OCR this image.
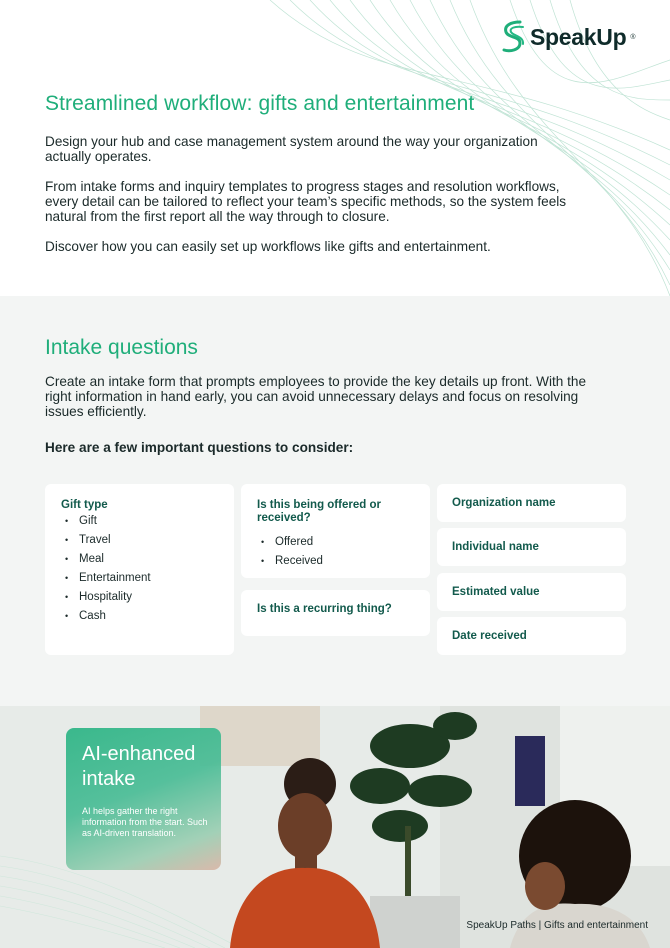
SpeakUp ®
Streamlined workflow: gifts and entertainment

Design your hub and case management system around the way your organization actually operates.

From intake forms and inquiry templates to progress stages and resolution workflows, every detail can be tailored to reflect your team’s specific methods, so the system feels natural from the first report all the way through to closure.

Discover how you can easily set up workflows like gifts and entertainment.

Intake questions

Create an intake form that prompts employees to provide the key details up front. With the right information in hand early, you can avoid unnecessary delays and focus on resolving issues efficiently.

Here are a few important questions to consider:
Gift type
• Gift
• Travel
• Meal
• Entertainment
• Hospitality
• Cash
Is this being offered or received?
• Offered
• Received
Is this a recurring thing?
Organization name
Individual name
Estimated value
Date received
AI-enhanced intake
AI helps gather the right information from the start. Such as AI-driven translation.
SpeakUp Paths | Gifts and entertainment
